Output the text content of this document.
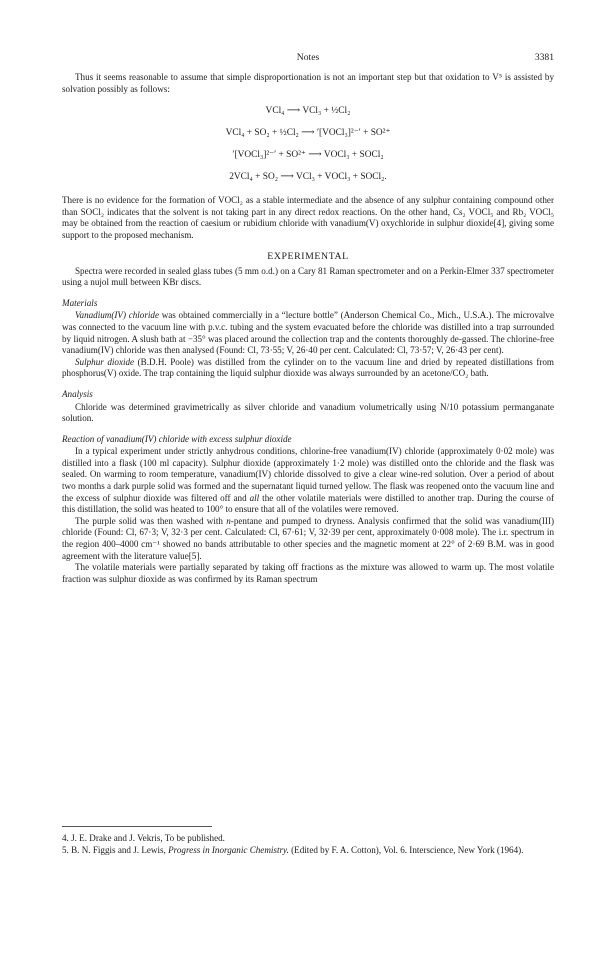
Notes	3381

Thus it seems reasonable to assume that simple disproportionation is not an important step but that oxidation to V⁵ is assisted by solvation possibly as follows:

VCl₄ ⟶ VCl₃ + ½Cl₂
VCl₄ + SO₂ + ½Cl₂ ⟶ ′[VOCl₃]²⁻′ + SO²⁺
′[VOCl₃]²⁻′ + SO²⁺ ⟶ VOCl₃ + SOCl₂
2VCl₄ + SO₂ ⟶ VCl₃ + VOCl₃ + SOCl₂.

There is no evidence for the formation of VOCl₂ as a stable intermediate and the absence of any sulphur containing compound other than SOCl₂ indicates that the solvent is not taking part in any direct redox reactions. On the other hand, Cs₂ VOCl₅ and Rb₂ VOCl₅ may be obtained from the reaction of caesium or rubidium chloride with vanadium(V) oxychloride in sulphur dioxide[4], giving some support to the proposed mechanism.

EXPERIMENTAL

Spectra were recorded in sealed glass tubes (5 mm o.d.) on a Cary 81 Raman spectrometer and on a Perkin-Elmer 337 spectrometer using a nujol mull between KBr discs.

Materials

Vanadium(IV) chloride was obtained commercially in a “lecture bottle” (Anderson Chemical Co., Mich., U.S.A.). The microvalve was connected to the vacuum line with p.v.c. tubing and the system evacuated before the chloride was distilled into a trap surrounded by liquid nitrogen. A slush bath at −35° was placed around the collection trap and the contents thoroughly de-gassed. The chlorine-free vanadium(IV) chloride was then analysed (Found: Cl, 73·55; V, 26·40 per cent. Calculated: Cl, 73·57; V, 26·43 per cent).

Sulphur dioxide (B.D.H. Poole) was distilled from the cylinder on to the vacuum line and dried by repeated distillations from phosphorus(V) oxide. The trap containing the liquid sulphur dioxide was always surrounded by an acetone/CO₂ bath.

Analysis

Chloride was determined gravimetrically as silver chloride and vanadium volumetrically using N/10 potassium permanganate solution.

Reaction of vanadium(IV) chloride with excess sulphur dioxide

In a typical experiment under strictly anhydrous conditions, chlorine-free vanadium(IV) chloride (approximately 0·02 mole) was distilled into a flask (100 ml capacity). Sulphur dioxide (approximately 1·2 mole) was distilled onto the chloride and the flask was sealed. On warming to room temperature, vanadium(IV) chloride dissolved to give a clear wine-red solution. Over a period of about two months a dark purple solid was formed and the supernatant liquid turned yellow. The flask was reopened onto the vacuum line and the excess of sulphur dioxide was filtered off and all the other volatile materials were distilled to another trap. During the course of this distillation, the solid was heated to 100° to ensure that all of the volatiles were removed.

The purple solid was then washed with n-pentane and pumped to dryness. Analysis confirmed that the solid was vanadium(III) chloride (Found: Cl, 67·3; V, 32·3 per cent. Calculated: Cl, 67·61; V, 32·39 per cent, approximately 0·008 mole). The i.r. spectrum in the region 400–4000 cm⁻¹ showed no bands attributable to other species and the magnetic moment at 22° of 2·69 B.M. was in good agreement with the literature value[5].

The volatile materials were partially separated by taking off fractions as the mixture was allowed to warm up. The most volatile fraction was sulphur dioxide as was confirmed by its Raman spectrum

4. J. E. Drake and J. Vekris, To be published.

5. B. N. Figgis and J. Lewis, Progress in Inorganic Chemistry. (Edited by F. A. Cotton), Vol. 6. Interscience, New York (1964).
